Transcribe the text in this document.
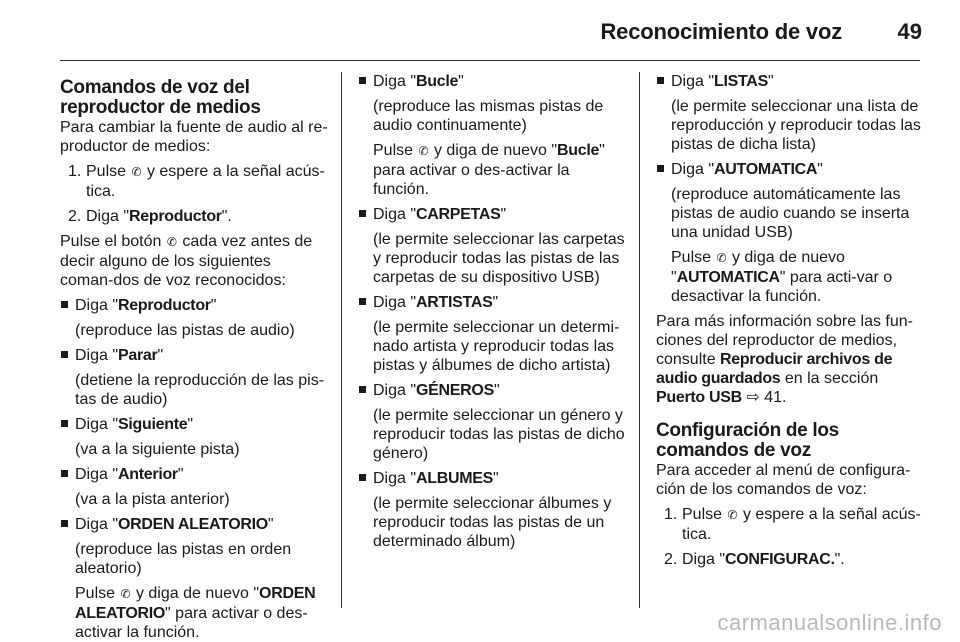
Reconocimiento de voz	49
Comandos de voz del reproductor de medios

Para cambiar la fuente de audio al re-productor de medios:

1. Pulse ✆ y espere a la señal acús-tica.

2. Diga "Reproductor".

Pulse el botón ✆ cada vez antes de decir alguno de los siguientes coman-dos de voz reconocidos:

Diga "Reproductor"

(reproduce las pistas de audio)

Diga "Parar"

(detiene la reproducción de las pis-tas de audio)

Diga "Siguiente"

(va a la siguiente pista)

Diga "Anterior"

(va a la pista anterior)

Diga "ORDEN ALEATORIO"

(reproduce las pistas en orden aleatorio)

Pulse ✆ y diga de nuevo "ORDEN ALEATORIO" para activar o des-activar la función.

Diga "Bucle"

(reproduce las mismas pistas de audio continuamente)

Pulse ✆ y diga de nuevo "Bucle" para activar o des-activar la función.

Diga "CARPETAS"

(le permite seleccionar las carpetas y reproducir todas las pistas de las carpetas de su dispositivo USB)

Diga "ARTISTAS"

(le permite seleccionar un determi-nado artista y reproducir todas las pistas y álbumes de dicho artista)

Diga "GÉNEROS"

(le permite seleccionar un género y reproducir todas las pistas de dicho género)

Diga "ALBUMES"

(le permite seleccionar álbumes y reproducir todas las pistas de un determinado álbum)

Diga "LISTAS"

(le permite seleccionar una lista de reproducción y reproducir todas las pistas de dicha lista)

Diga "AUTOMATICA"

(reproduce automáticamente las pistas de audio cuando se inserta una unidad USB)

Pulse ✆ y diga de nuevo "AUTOMATICA" para acti-var o desactivar la función.

Para más información sobre las fun-ciones del reproductor de medios, consulte Reproducir archivos de audio guardados en la sección Puerto USB ⇨ 41.

Configuración de los comandos de voz

Para acceder al menú de configura-ción de los comandos de voz:

1. Pulse ✆ y espere a la señal acús-tica.

2. Diga "CONFIGURAC.".

carmanualsonline.info
